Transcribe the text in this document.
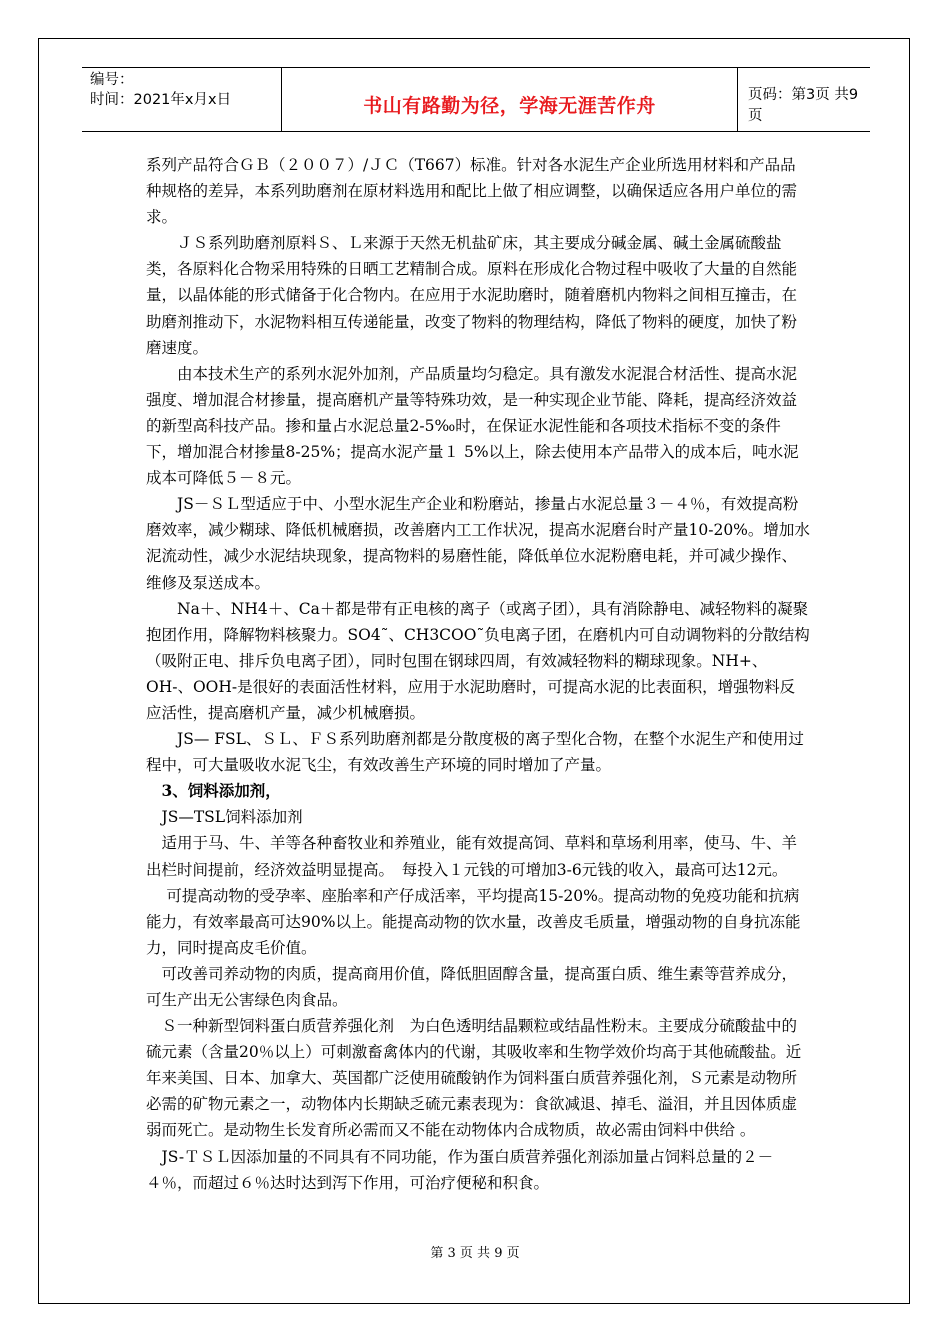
编号：
时间：2021年x月x日	书山有路勤为径，学海无涯苦作舟
页码：第3页 共9页

系列产品符合ＧＢ（２００７）/ＪＣ（T667）标准。针对各水泥生产企业所选用材料和产品品种规格的差异，本系列助磨剂在原材料选用和配比上做了相应调整，以确保适应各用户单位的需求。

　　ＪＳ系列助磨剂原料Ｓ、Ｌ来源于天然无机盐矿床，其主要成分碱金属、碱土金属硫酸盐类，各原料化合物采用特殊的日晒工艺精制合成。原料在形成化合物过程中吸收了大量的自然能量，以晶体能的形式储备于化合物内。在应用于水泥助磨时，随着磨机内物料之间相互撞击，在助磨剂推动下，水泥物料相互传递能量，改变了物料的物理结构，降低了物料的硬度，加快了粉磨速度。

　　由本技术生产的系列水泥外加剂，产品质量均匀稳定。具有激发水泥混合材活性、提高水泥强度、增加混合材掺量，提高磨机产量等特殊功效，是一种实现企业节能、降耗，提高经济效益的新型高科技产品。掺和量占水泥总量2-5‰时，在保证水泥性能和各项技术指标不变的条件下，增加混合材掺量8-25%；提高水泥产量１ 5%以上，除去使用本产品带入的成本后，吨水泥成本可降低５－８元。

　　JS－ＳＬ型适应于中、小型水泥生产企业和粉磨站，掺量占水泥总量３－４％，有效提高粉磨效率，减少糊球、降低机械磨损，改善磨内工工作状况，提高水泥磨台时产量10-20%。增加水泥流动性，减少水泥结块现象，提高物料的易磨性能，降低单位水泥粉磨电耗，并可减少操作、维修及泵送成本。

　　Na＋、NH4＋、Ca＋都是带有正电核的离子（或离子团），具有消除静电、减轻物料的凝聚抱团作用，降解物料核聚力。SO4˜、CH3COO˜负电离子团，在磨机内可自动调物料的分散结构（吸附正电、排斥负电离子团），同时包围在钢球四周，有效减轻物料的糊球现象。NH+、OH-、OOH-是很好的表面活性材料，应用于水泥助磨时，可提高水泥的比表面积，增强物料反应活性，提高磨机产量，减少机械磨损。

　　JS— FSL、ＳＬ、ＦＳ系列助磨剂都是分散度极的离子型化合物，在整个水泥生产和使用过程中，可大量吸收水泥飞尘，有效改善生产环境的同时增加了产量。

　3、饲料添加剂，

　JS—TSL饲料添加剂

　适用于马、牛、羊等各种畜牧业和养殖业，能有效提高饲、草料和草场利用率，使马、牛、羊出栏时间提前，经济效益明显提高。　每投入１元钱的可增加3-6元钱的收入，最高可达12元。

　 可提高动物的受孕率、座胎率和产仔成活率，平均提高15-20%。提高动物的免疫功能和抗病能力，有效率最高可达90%以上。能提高动物的饮水量，改善皮毛质量，增强动物的自身抗冻能力，同时提高皮毛价值。

　可改善司养动物的肉质，提高商用价值，降低胆固醇含量，提高蛋白质、维生素等营养成分，可生产出无公害绿色肉食品。

　Ｓ一种新型饲料蛋白质营养强化剂　为白色透明结晶颗粒或结晶性粉末。主要成分硫酸盐中的硫元素（含量20％以上）可刺激畜禽体内的代谢，其吸收率和生物学效价均高于其他硫酸盐。近年来美国、日本、加拿大、英国都广泛使用硫酸钠作为饲料蛋白质营养强化剂，Ｓ元素是动物所必需的矿物元素之一，动物体内长期缺乏硫元素表现为：食欲减退、掉毛、溢泪，并且因体质虚弱而死亡。是动物生长发育所必需而又不能在动物体内合成物质，故必需由饲料中供给 。

　JS-ＴＳＬ因添加量的不同具有不同功能，作为蛋白质营养强化剂添加量占饲料总量的２－４％，而超过６％达时达到泻下作用，可治疗便秘和积食。

第 3 页 共 9 页
